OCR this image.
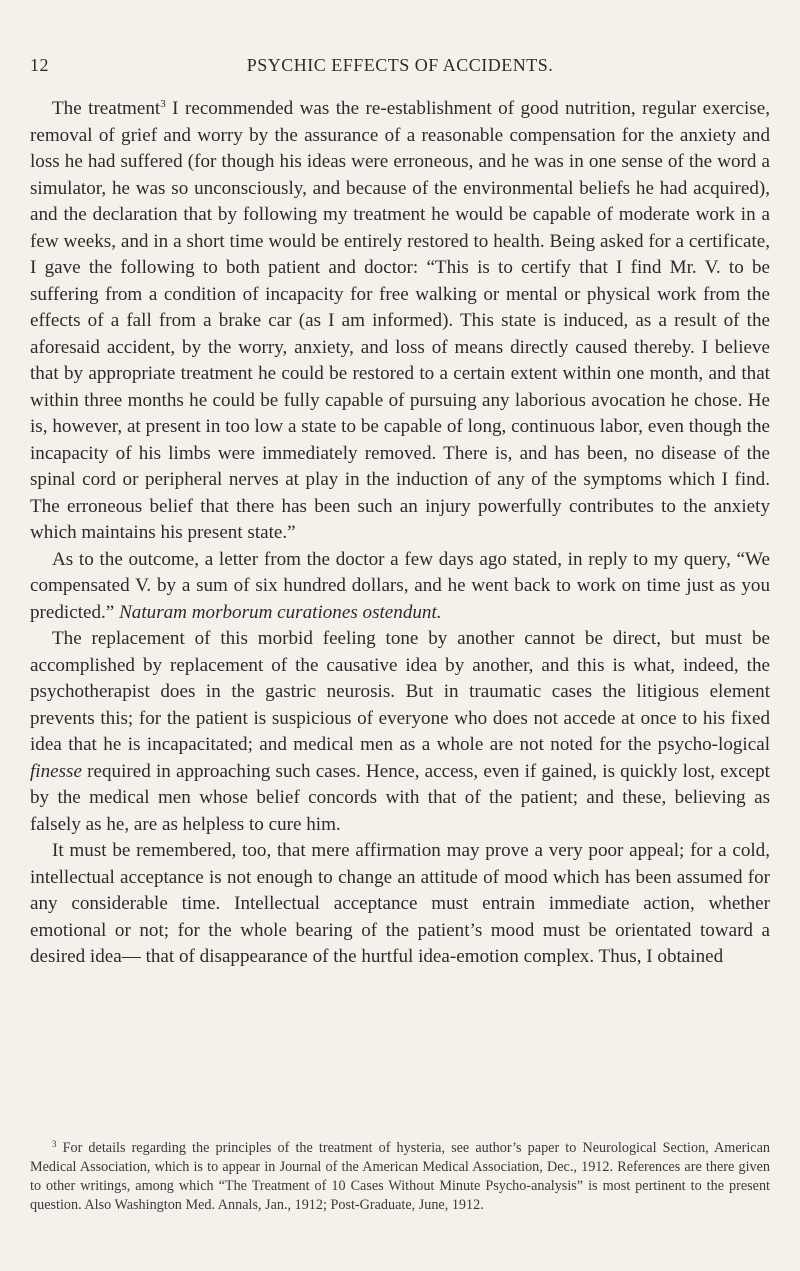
12	PSYCHIC EFFECTS OF ACCIDENTS.

The treatment$^3$ I recommended was the re-establishment of good nutrition, regular exercise, removal of grief and worry by the assurance of a reasonable compensation for the anxiety and loss he had suffered (for though his ideas were erroneous, and he was in one sense of the word a simulator, he was so unconsciously, and because of the environmental beliefs he had acquired), and the declaration that by following my treatment he would be capable of moderate work in a few weeks, and in a short time would be entirely restored to health. Being asked for a certificate, I gave the following to both patient and doctor: “This is to certify that I find Mr. V. to be suffering from a condition of incapacity for free walking or mental or physical work from the effects of a fall from a brake car (as I am informed). This state is induced, as a result of the aforesaid accident, by the worry, anxiety, and loss of means directly caused thereby. I believe that by appropriate treatment he could be restored to a certain extent within one month, and that within three months he could be fully capable of pursuing any laborious avocation he chose. He is, however, at present in too low a state to be capable of long, continuous labor, even though the incapacity of his limbs were immediately removed. There is, and has been, no disease of the spinal cord or peripheral nerves at play in the induction of any of the symptoms which I find. The erroneous belief that there has been such an injury powerfully contributes to the anxiety which maintains his present state.”

As to the outcome, a letter from the doctor a few days ago stated, in reply to my query, “We compensated V. by a sum of six hundred dollars, and he went back to work on time just as you predicted.” Naturam morborum curationes ostendunt.

The replacement of this morbid feeling tone by another cannot be direct, but must be accomplished by replacement of the causative idea by another, and this is what, indeed, the psychotherapist does in the gastric neurosis. But in traumatic cases the litigious element prevents this; for the patient is suspicious of everyone who does not accede at once to his fixed idea that he is incapacitated; and medical men as a whole are not noted for the psycho-logical finesse required in approaching such cases. Hence, access, even if gained, is quickly lost, except by the medical men whose belief concords with that of the patient; and these, believing as falsely as he, are as helpless to cure him.

It must be remembered, too, that mere affirmation may prove a very poor appeal; for a cold, intellectual acceptance is not enough to change an attitude of mood which has been assumed for any considerable time. Intellectual acceptance must entrain immediate action, whether emotional or not; for the whole bearing of the patient’s mood must be orientated toward a desired idea— that of disappearance of the hurtful idea-emotion complex. Thus, I obtained

$^3$ For details regarding the principles of the treatment of hysteria, see author’s paper to Neurological Section, American Medical Association, which is to appear in Journal of the American Medical Association, Dec., 1912. References are there given to other writings, among which “The Treatment of 10 Cases Without Minute Psycho-analysis” is most pertinent to the present question. Also Washington Med. Annals, Jan., 1912; Post-Graduate, June, 1912.
